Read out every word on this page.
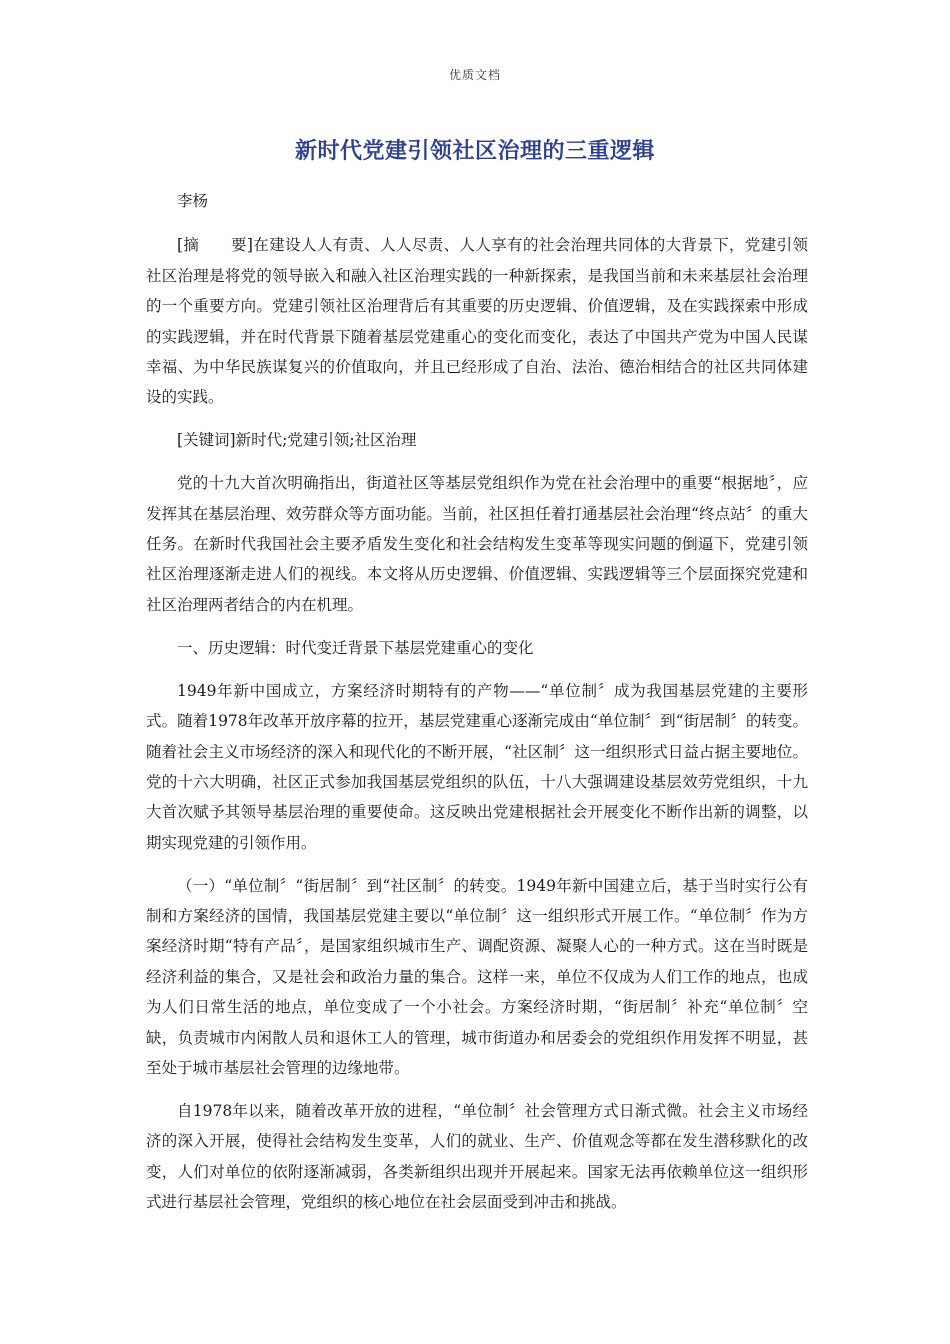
优质文档
新时代党建引领社区治理的三重逻辑

李杨

[摘　　要]在建设人人有责、人人尽责、人人享有的社会治理共同体的大背景下，党建引领社区治理是将党的领导嵌入和融入社区治理实践的一种新探索，是我国当前和未来基层社会治理的一个重要方向。党建引领社区治理背后有其重要的历史逻辑、价值逻辑，及在实践探索中形成的实践逻辑，并在时代背景下随着基层党建重心的变化而变化，表达了中国共产党为中国人民谋幸福、为中华民族谋复兴的价值取向，并且已经形成了自治、法治、德治相结合的社区共同体建设的实践。

[关键词]新时代;党建引领;社区治理

党的十九大首次明确指出，街道社区等基层党组织作为党在社会治理中的重要“根据地〞，应发挥其在基层治理、效劳群众等方面功能。当前，社区担任着打通基层社会治理“终点站〞的重大任务。在新时代我国社会主要矛盾发生变化和社会结构发生变革等现实问题的倒逼下，党建引领社区治理逐渐走进人们的视线。本文将从历史逻辑、价值逻辑、实践逻辑等三个层面探究党建和社区治理两者结合的内在机理。

一、历史逻辑：时代变迁背景下基层党建重心的变化

1949年新中国成立，方案经济时期特有的产物——“单位制〞成为我国基层党建的主要形式。随着1978年改革开放序幕的拉开，基层党建重心逐渐完成由“单位制〞到“街居制〞的转变。随着社会主义市场经济的深入和现代化的不断开展，“社区制〞这一组织形式日益占据主要地位。党的十六大明确，社区正式参加我国基层党组织的队伍，十八大强调建设基层效劳党组织，十九大首次赋予其领导基层治理的重要使命。这反映出党建根据社会开展变化不断作出新的调整，以期实现党建的引领作用。

（一）“单位制〞“街居制〞到“社区制〞的转变。1949年新中国建立后，基于当时实行公有制和方案经济的国情，我国基层党建主要以“单位制〞这一组织形式开展工作。“单位制〞作为方案经济时期“特有产品〞，是国家组织城市生产、调配资源、凝聚人心的一种方式。这在当时既是经济利益的集合，又是社会和政治力量的集合。这样一来，单位不仅成为人们工作的地点，也成为人们日常生活的地点，单位变成了一个小社会。方案经济时期，“街居制〞补充“单位制〞空缺，负责城市内闲散人员和退休工人的管理，城市街道办和居委会的党组织作用发挥不明显，甚至处于城市基层社会管理的边缘地带。

自1978年以来，随着改革开放的进程，“单位制〞社会管理方式日渐式微。社会主义市场经济的深入开展，使得社会结构发生变革，人们的就业、生产、价值观念等都在发生潜移默化的改变，人们对单位的依附逐渐减弱，各类新组织出现并开展起来。国家无法再依赖单位这一组织形式进行基层社会管理，党组织的核心地位在社会层面受到冲击和挑战。
